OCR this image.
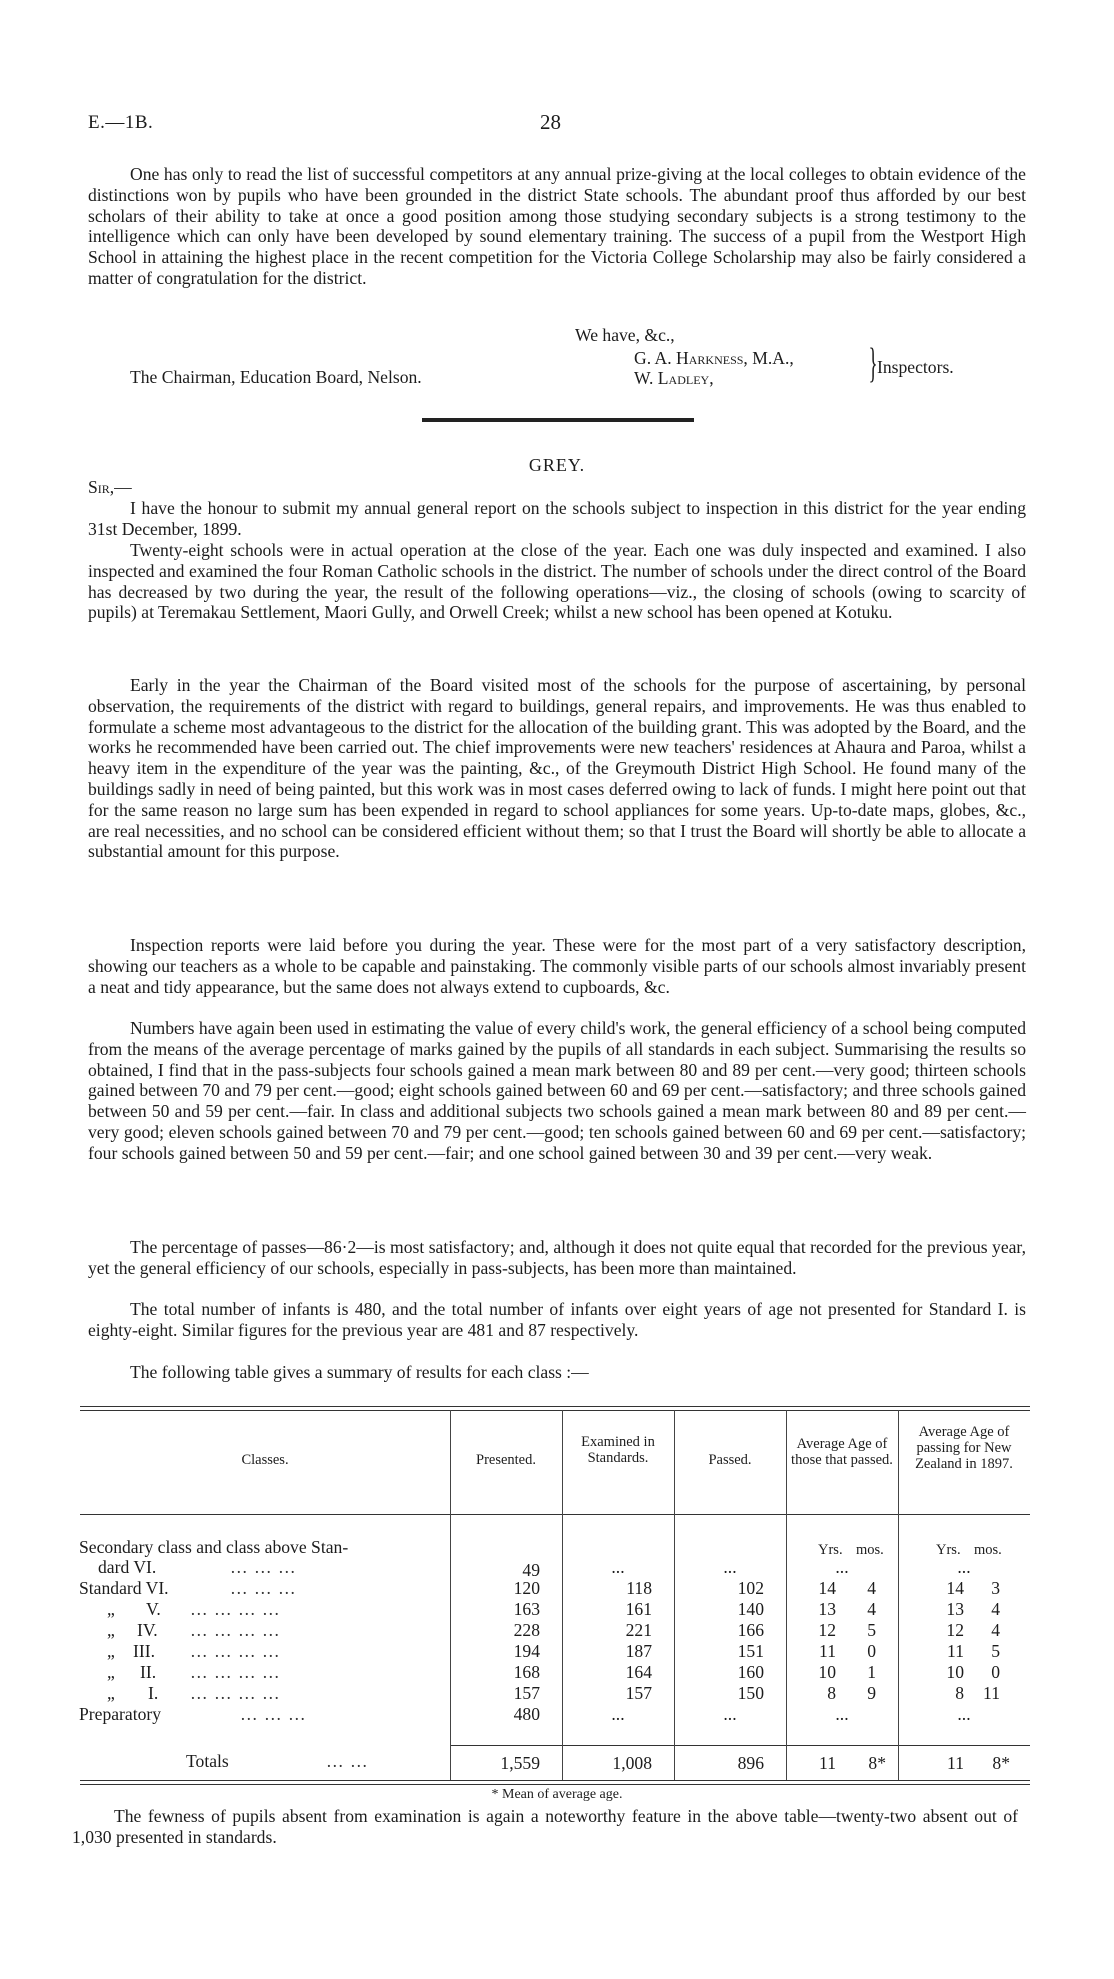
E.—1B.	28

One has only to read the list of successful competitors at any annual prize-giving at the local colleges to obtain evidence of the distinctions won by pupils who have been grounded in the district State schools. The abundant proof thus afforded by our best scholars of their ability to take at once a good position among those studying secondary subjects is a strong testimony to the intelligence which can only have been developed by sound elementary training. The success of a pupil from the Westport High School in attaining the highest place in the recent competition for the Victoria College Scholarship may also be fairly considered a matter of congratulation for the district.

We have, &c.,
G. A. Harkness, M.A.,
W. Ladley,	} Inspectors.
The Chairman, Education Board, Nelson.
GREY.
Sir,—

I have the honour to submit my annual general report on the schools subject to inspection in this district for the year ending 31st December, 1899.

Twenty-eight schools were in actual operation at the close of the year. Each one was duly inspected and examined. I also inspected and examined the four Roman Catholic schools in the district. The number of schools under the direct control of the Board has decreased by two during the year, the result of the following operations—viz., the closing of schools (owing to scarcity of pupils) at Teremakau Settlement, Maori Gully, and Orwell Creek; whilst a new school has been opened at Kotuku.

Early in the year the Chairman of the Board visited most of the schools for the purpose of ascertaining, by personal observation, the requirements of the district with regard to buildings, general repairs, and improvements. He was thus enabled to formulate a scheme most advantageous to the district for the allocation of the building grant. This was adopted by the Board, and the works he recommended have been carried out. The chief improvements were new teachers' residences at Ahaura and Paroa, whilst a heavy item in the expenditure of the year was the painting, &c., of the Greymouth District High School. He found many of the buildings sadly in need of being painted, but this work was in most cases deferred owing to lack of funds. I might here point out that for the same reason no large sum has been expended in regard to school appliances for some years. Up-to-date maps, globes, &c., are real necessities, and no school can be considered efficient without them; so that I trust the Board will shortly be able to allocate a substantial amount for this purpose.

Inspection reports were laid before you during the year. These were for the most part of a very satisfactory description, showing our teachers as a whole to be capable and painstaking. The commonly visible parts of our schools almost invariably present a neat and tidy appearance, but the same does not always extend to cupboards, &c.

Numbers have again been used in estimating the value of every child's work, the general efficiency of a school being computed from the means of the average percentage of marks gained by the pupils of all standards in each subject. Summarising the results so obtained, I find that in the pass-subjects four schools gained a mean mark between 80 and 89 per cent.—very good; thirteen schools gained between 70 and 79 per cent.—good; eight schools gained between 60 and 69 per cent.—satisfactory; and three schools gained between 50 and 59 per cent.—fair. In class and additional subjects two schools gained a mean mark between 80 and 89 per cent.—very good; eleven schools gained between 70 and 79 per cent.—good; ten schools gained between 60 and 69 per cent.—satisfactory; four schools gained between 50 and 59 per cent.—fair; and one school gained between 30 and 39 per cent.—very weak.

The percentage of passes—86·2—is most satisfactory; and, although it does not quite equal that recorded for the previous year, yet the general efficiency of our schools, especially in pass-subjects, has been more than maintained.

The total number of infants is 480, and the total number of infants over eight years of age not presented for Standard I. is eighty-eight. Similar figures for the previous year are 481 and 87 respectively.

The following table gives a summary of results for each class :—

Classes.	Presented.
Examined in Standards.	Passed.
Average Age of those that passed.
Average Age of passing for New Zealand in 1897.
Yrs. mos.	Yrs. mos.
Secondary class and class above Stan-
dard VI.	… … …	49	...	...	...	...
Standard VI.	… … …	120	118	102	14	4	14	3
„ V. … … … …	163	161	140	13	4	13	4
„ IV. … … … …	228	221	166	12	5	12	4
„ III. … … … …	194	187	151	11	0	11	5
„ II. … … … …	168	164	160	10	1	10	0
„ I. … … … …	157	157	150	8	9	8	11
Preparatory	… … …	480	...	...	...	...
Totals	… …	1,559	1,008	896	11	8*	11	8*
* Mean of average age.

The fewness of pupils absent from examination is again a noteworthy feature in the above table—twenty-two absent out of 1,030 presented in standards.
